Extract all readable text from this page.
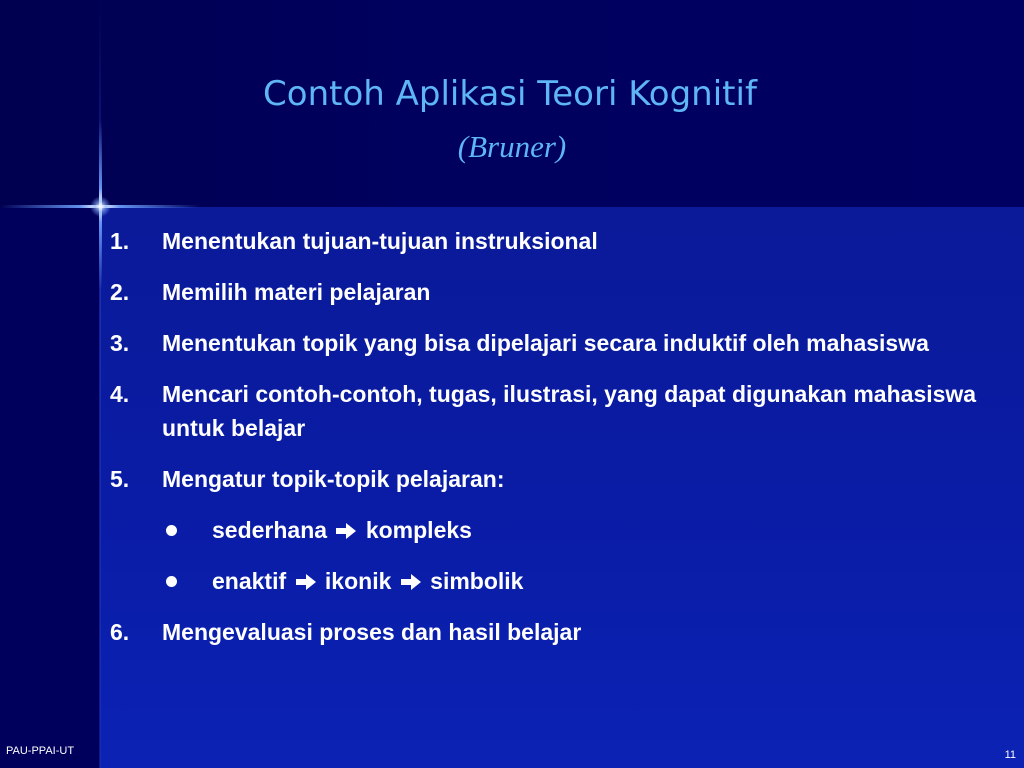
Contoh Aplikasi Teori Kognitif
(Bruner)
1. Menentukan tujuan-tujuan instruksional
2. Memilih materi pelajaran
3. Menentukan topik yang bisa dipelajari secara induktif oleh mahasiswa
4. Mencari contoh-contoh, tugas, ilustrasi, yang dapat digunakan mahasiswa untuk belajar
5. Mengatur topik-topik pelajaran:
sederhana kompleks
enaktif ikonik simbolik
6. Mengevaluasi proses dan hasil belajar
PAU-PPAI-UT	11
